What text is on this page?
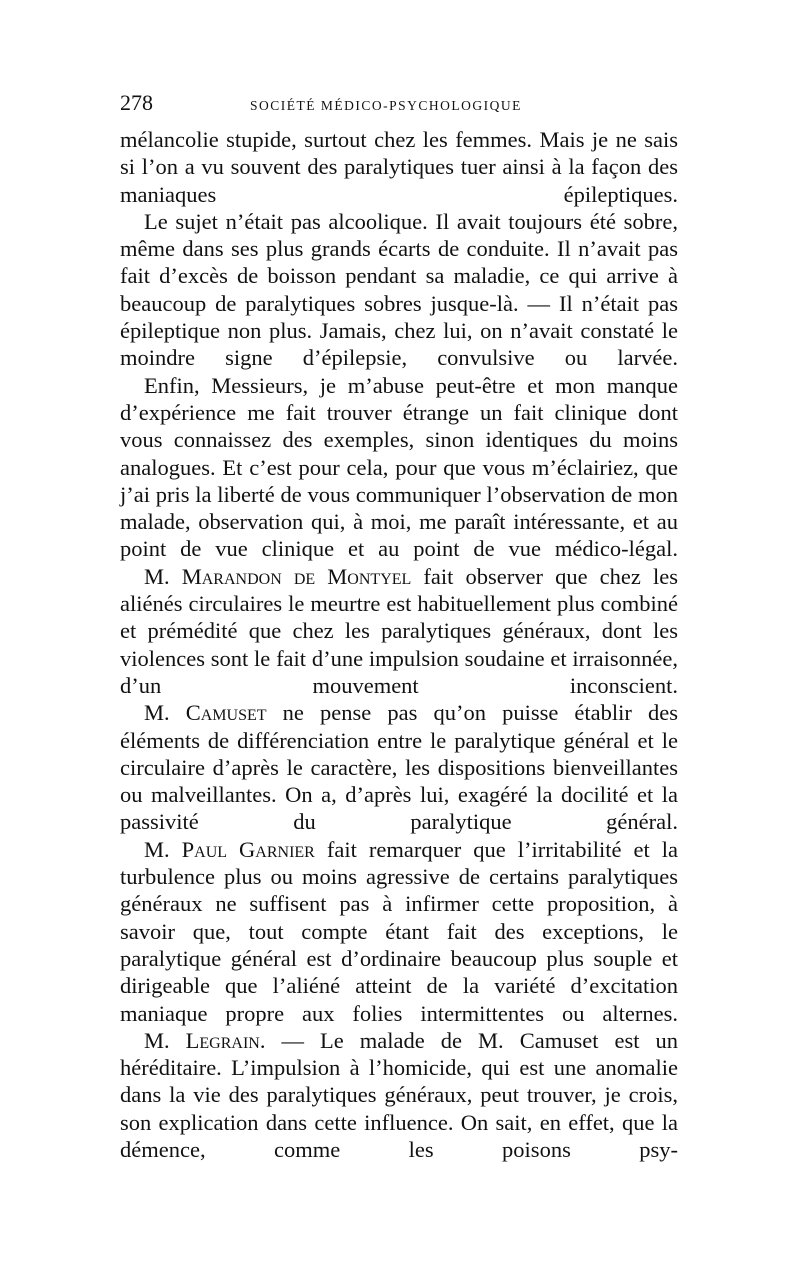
278	SOCIÉTÉ MÉDICO-PSYCHOLOGIQUE

mélancolie stupide, surtout chez les femmes. Mais je ne sais si l’on a vu souvent des paralytiques tuer ainsi à la façon des maniaques épileptiques.

Le sujet n’était pas alcoolique. Il avait toujours été sobre, même dans ses plus grands écarts de conduite. Il n’avait pas fait d’excès de boisson pendant sa maladie, ce qui arrive à beaucoup de paralytiques sobres jusque-là. — Il n’était pas épileptique non plus. Jamais, chez lui, on n’avait constaté le moindre signe d’épilepsie, convulsive ou larvée.

Enfin, Messieurs, je m’abuse peut-être et mon manque d’expérience me fait trouver étrange un fait clinique dont vous connaissez des exemples, sinon identiques du moins analogues. Et c’est pour cela, pour que vous m’éclairiez, que j’ai pris la liberté de vous communiquer l’observation de mon malade, observation qui, à moi, me paraît intéressante, et au point de vue clinique et au point de vue médico-légal.

M. Marandon de Montyel fait observer que chez les aliénés circulaires le meurtre est habituellement plus combiné et prémédité que chez les paralytiques généraux, dont les violences sont le fait d’une impulsion soudaine et irraisonnée, d’un mouvement inconscient.

M. Camuset ne pense pas qu’on puisse établir des éléments de différenciation entre le paralytique général et le circulaire d’après le caractère, les dispositions bienveillantes ou malveillantes. On a, d’après lui, exagéré la docilité et la passivité du paralytique général.

M. Paul Garnier fait remarquer que l’irritabilité et la turbulence plus ou moins agressive de certains paralytiques généraux ne suffisent pas à infirmer cette proposition, à savoir que, tout compte étant fait des exceptions, le paralytique général est d’ordinaire beaucoup plus souple et dirigeable que l’aliéné atteint de la variété d’excitation maniaque propre aux folies intermittentes ou alternes.

M. Legrain. — Le malade de M. Camuset est un héréditaire. L’impulsion à l’homicide, qui est une anomalie dans la vie des paralytiques généraux, peut trouver, je crois, son explication dans cette influence. On sait, en effet, que la démence, comme les poisons psy-
